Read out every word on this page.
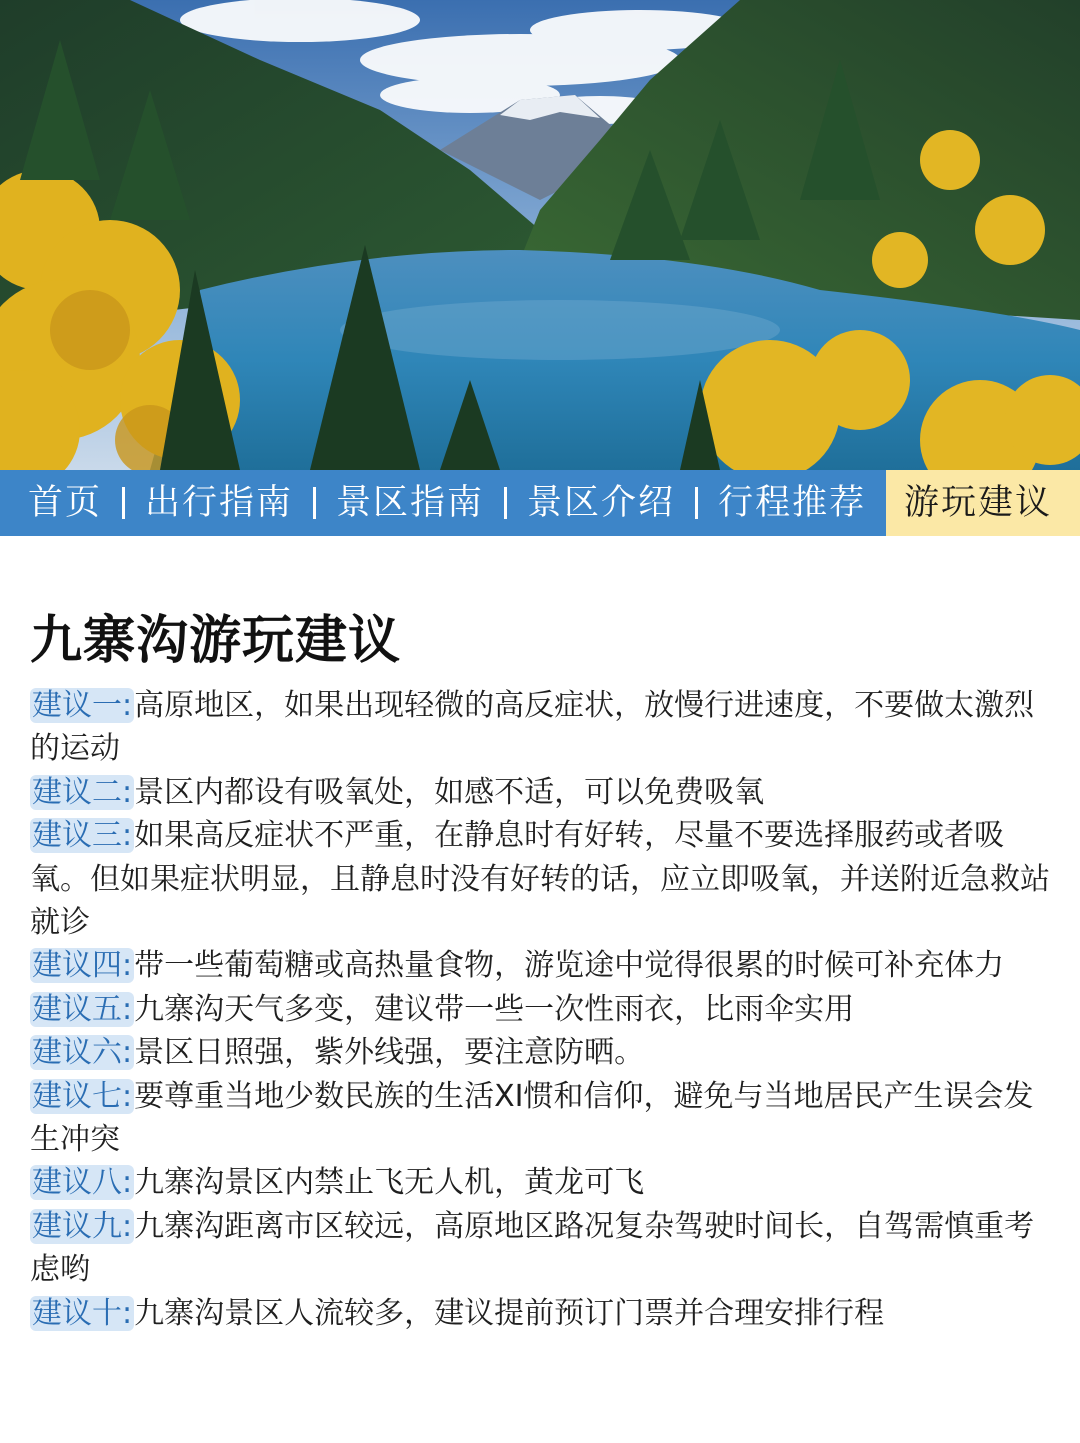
首页 出行指南 景区指南 景区介绍 行程推荐	游玩建议
九寨沟游玩建议
建议一:高原地区，如果出现轻微的高反症状，放慢行进速度，不要做太激烈的运动
建议二:景区内都设有吸氧处，如感不适，可以免费吸氧
建议三:如果高反症状不严重，在静息时有好转，尽量不要选择服药或者吸氧。但如果症状明显，且静息时没有好转的话，应立即吸氧，并送附近急救站就诊
建议四:带一些葡萄糖或高热量食物，游览途中觉得很累的时候可补充体力
建议五:九寨沟天气多变，建议带一些一次性雨衣，比雨伞实用
建议六:景区日照强，紫外线强，要注意防晒。
建议七:要尊重当地少数民族的生活XI惯和信仰，避免与当地居民产生误会发生冲突
建议八:九寨沟景区内禁止飞无人机，黄龙可飞
建议九:九寨沟距离市区较远，高原地区路况复杂驾驶时间长，自驾需慎重考虑哟
建议十:九寨沟景区人流较多，建议提前预订门票并合理安排行程
